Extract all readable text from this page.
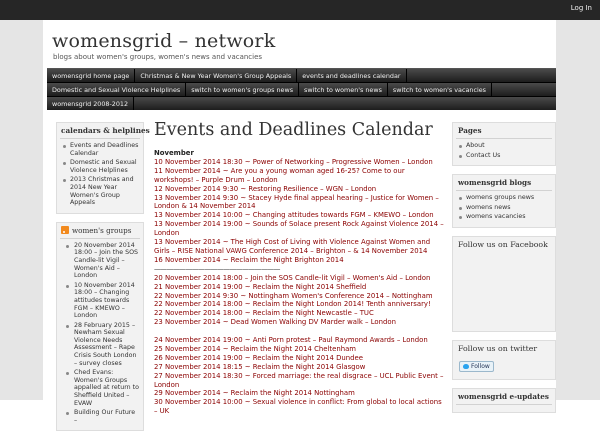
Log In
womensgrid – network
blogs about women's groups, women's news and vacancies
womensgrid home page	Christmas & New Year Women's Group Appeals	events and deadlines calendar
Domestic and Sexual Violence Helplines	switch to women's groups news	switch to women's news	switch to women's vacancies
womensgrid 2008-2012
calendars & helplines
Events and Deadlines Calendar
Domestic and Sexual Violence Helplines
2013 Christmas and 2014 New Year Women's Group Appeals
women's groups
20 November 2014 18:00 – Join the SOS Candle-lit Vigil – Women's Aid – London
10 November 2014 18:00 – Changing attitudes towards FGM – KMEWO – London
28 February 2015 – Newham Sexual Violence Needs Assessment – Rape Crisis South London – survey closes
Ched Evans: Women's Groups appalled at return to Sheffield United – EVAW
Building Our Future –
Events and Deadlines Calendar
November
10 November 2014 18:30 ~ Power of Networking – Progressive Women – London
11 November 2014 ~ Are you a young woman aged 16-25? Come to our workshops! – Purple Drum – London
12 November 2014 9:30 ~ Restoring Resilience – WGN – London
13 November 2014 9:30 ~ Stacey Hyde final appeal hearing – Justice for Women – London & 14 November 2014
13 November 2014 10:00 ~ Changing attitudes towards FGM – KMEWO – London
13 November 2014 19:00 ~ Sounds of Solace present Rock Against Violence 2014 – London
13 November 2014 ~ The High Cost of Living with Violence Against Women and Girls – RISE National VAWG Conference 2014 – Brighton – & 14 November 2014
16 November 2014 ~ Reclaim the Night Brighton 2014
————————————————————
20 November 2014 18:00 – Join the SOS Candle-lit Vigil – Women's Aid – London
21 November 2014 19:00 ~ Reclaim the Night 2014 Sheffield
22 November 2014 9:30 ~ Nottingham Women's Conference 2014 – Nottingham
22 November 2014 18:00 ~ Reclaim the Night London 2014! Tenth anniversary!
22 November 2014 18:00 ~ Reclaim the Night Newcastle – TUC
23 November 2014 ~ Dead Women Walking DV Marder walk – London
24 November 2014 19:00 ~ Anti Porn protest – Paul Raymond Awards – London
25 November 2014 ~ Reclaim the Night 2014 Cheltenham
26 November 2014 19:00 ~ Reclaim the Night 2014 Dundee
27 November 2014 18:15 ~ Reclaim the Night 2014 Glasgow
27 November 2014 18:30 ~ Forced marriage: the real disgrace – UCL Public Event – London
29 November 2014 ~ Reclaim the Night 2014 Nottingham
30 November 2014 10:00 ~ Sexual violence in conflict: From global to local actions – UK
Pages
About
Contact Us
womensgrid blogs
womens groups news
womens news
womens vacancies
Follow us on Facebook
Follow us on twitter
Follow
womensgrid e-updates
